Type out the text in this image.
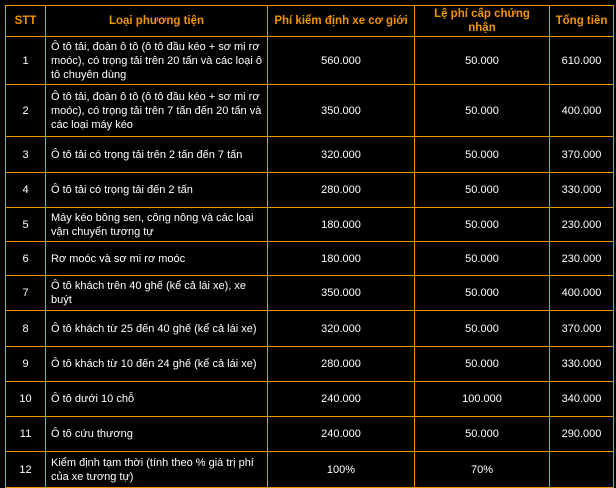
STT	Loại phương tiện	Phí kiểm định xe cơ giới	Lệ phí cấp chứng nhận	Tổng tiền
1	Ô tô tải, đoàn ô tô (ô tô đầu kéo + sơ mi rơ moóc), có trọng tải trên 20 tấn và các loại ô tô chuyên dùng	560.000	50.000	610.000
2	Ô tô tải, đoàn ô tô (ô tô đầu kéo + sơ mi rơ moóc), có trọng tải trên 7 tấn đến 20 tấn và các loại máy kéo	350.000	50.000	400.000
3	Ô tô tải có trọng tải trên 2 tấn đến 7 tấn	320.000	50.000	370.000
4	Ô tô tải có trọng tải đến 2 tấn	280.000	50.000	330.000
5	Máy kéo bông sen, công nông và các loại vận chuyển tương tự	180.000	50.000	230.000
6	Rơ moóc và sơ mi rơ moóc	180.000	50.000	230.000
7	Ô tô khách trên 40 ghế (kể cả lái xe), xe buýt	350.000	50.000	400.000
8	Ô tô khách từ 25 đến 40 ghế (kể cả lái xe)	320.000	50.000	370.000
9	Ô tô khách từ 10 đến 24 ghế (kể cả lái xe)	280.000	50.000	330.000
10	Ô tô dưới 10 chỗ	240.000	100.000	340.000
11	Ô tô cứu thương	240.000	50.000	290.000
12	Kiểm định tạm thời (tính theo % giá trị phí của xe tương tự)	100%	70%	
